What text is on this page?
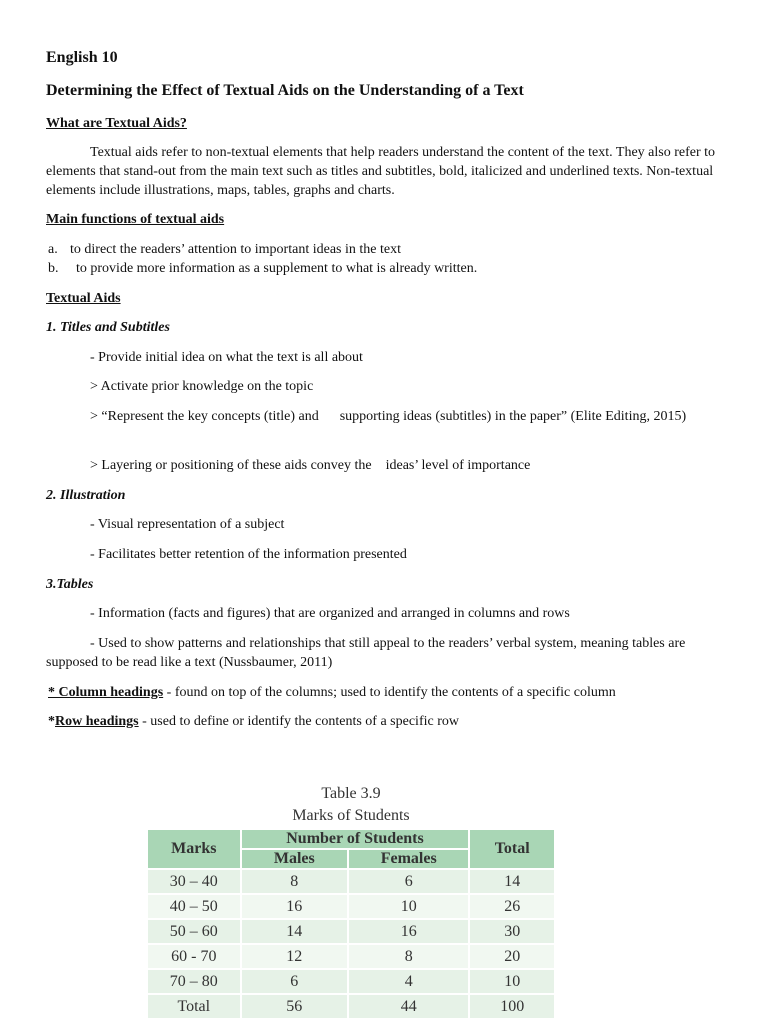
English 10
Determining the Effect of Textual Aids on the Understanding of a Text
What are Textual Aids?
Textual aids refer to non-textual elements that help readers understand the content of the text. They also refer to elements that stand-out from the main text such as titles and subtitles, bold, italicized and underlined texts. Non-textual elements include illustrations, maps, tables, graphs and charts.
Main functions of textual aids
a. to direct the readers’ attention to important ideas in the text
b. to provide more information as a supplement to what is already written.
Textual Aids
1. Titles and Subtitles
- Provide initial idea on what the text is all about
> Activate prior knowledge on the topic
> “Represent the key concepts (title) and      supporting ideas (subtitles) in the paper” (Elite Editing, 2015)
> Layering or positioning of these aids convey the    ideas’ level of importance
2. Illustration
- Visual representation of a subject
- Facilitates better retention of the information presented
3.Tables
- Information (facts and figures) that are organized and arranged in columns and rows
- Used to show patterns and relationships that still appeal to the readers’ verbal system, meaning tables are supposed to be read like a text (Nussbaumer, 2011)
* Column headings - found on top of the columns; used to identify the contents of a specific column
*Row headings - used to define or identify the contents of a specific row
Table 3.9
Marks of Students
Marks	Number of Students		Total
	Males	Females	
30 – 40	8	6	14
40 – 50	16	10	26
50 – 60	14	16	30
60 - 70	12	8	20
70 – 80	6	4	10
Total	56	44	100
